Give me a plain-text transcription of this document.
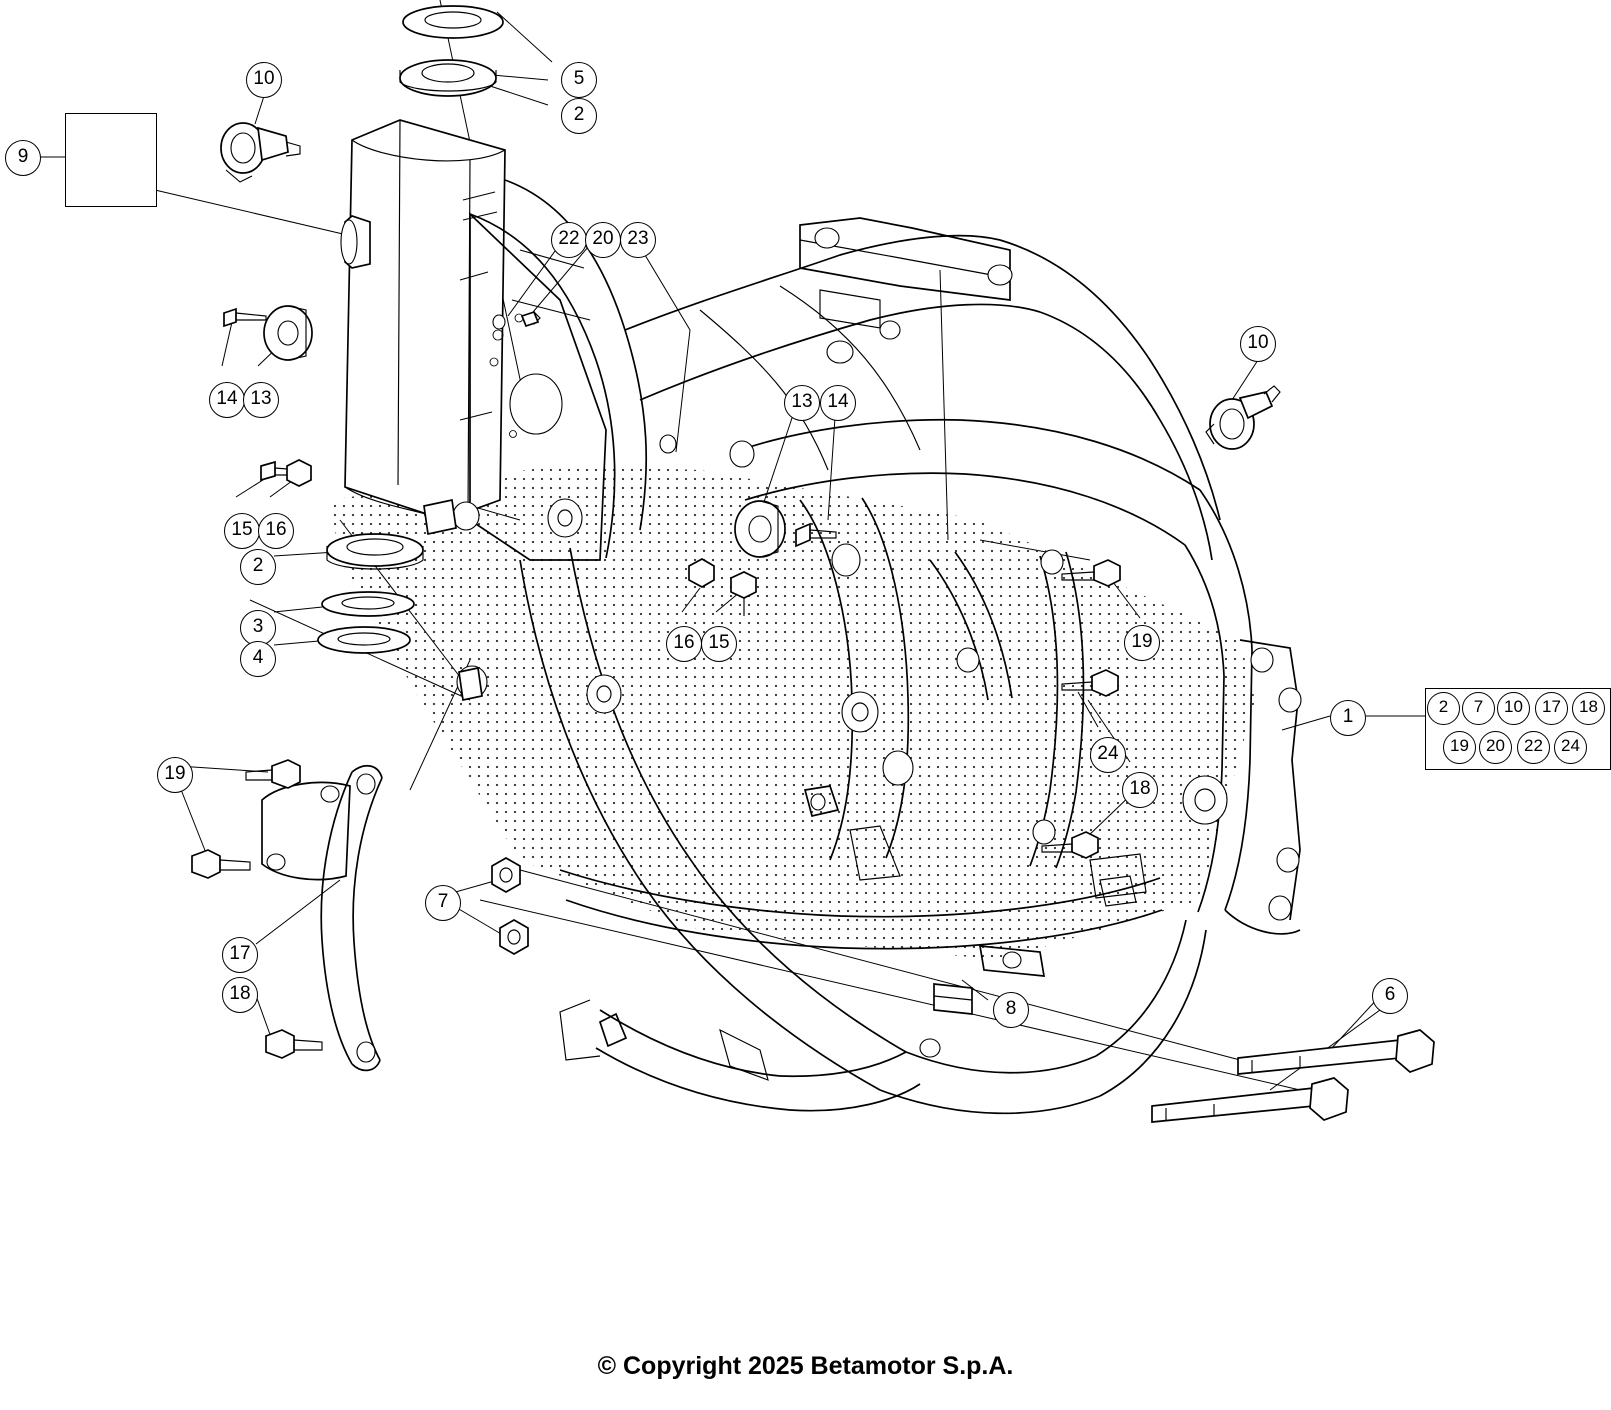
10	5
2
9
22 20 23
10
13 14
14 13
15 16
2
3
4
16 15	19
1
24
18
19
7
17
18	6
8
2	7	10	17	18
19	20	22	24
© Copyright 2025 Betamotor S.p.A.
